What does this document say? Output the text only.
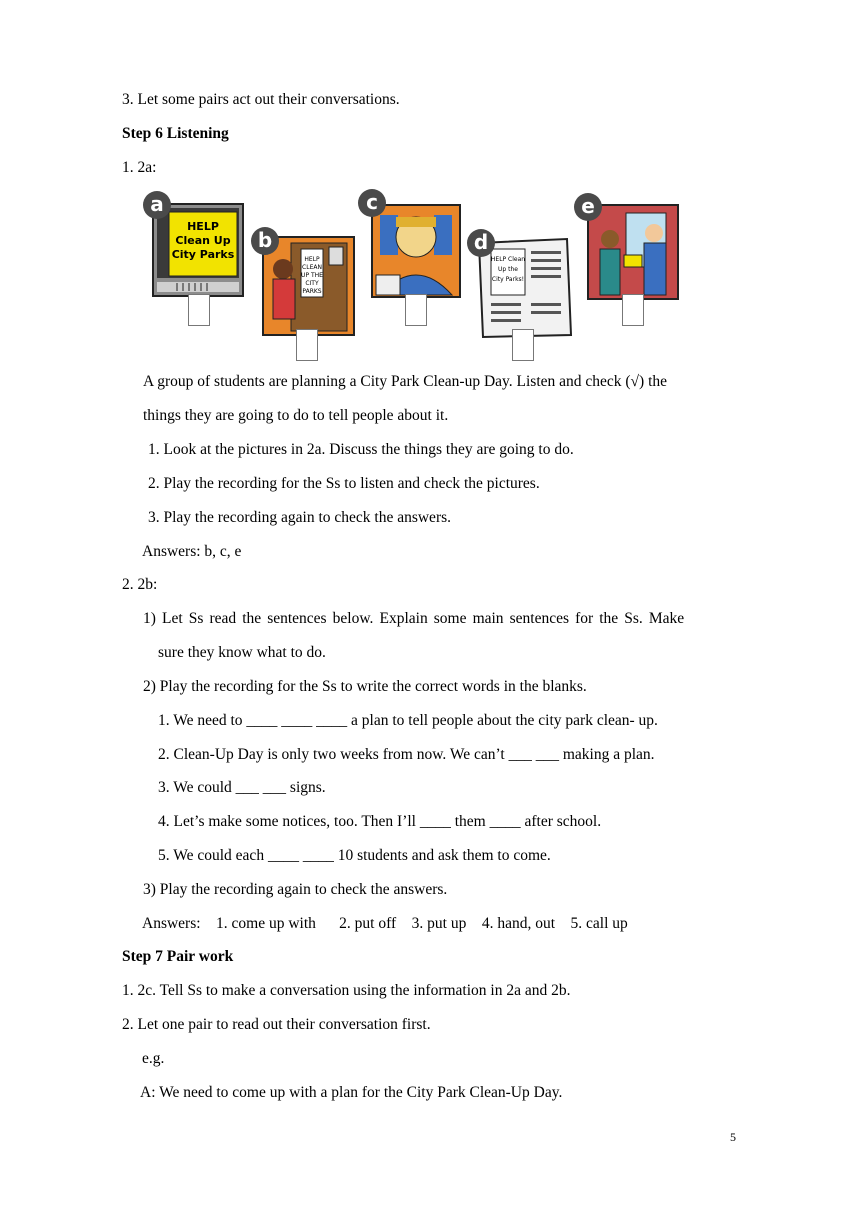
3. Let some pairs act out their conversations.
Step 6 Listening
1. 2a:
HELP
Clean Up
City Parks
a
HELP
CLEAN
UP THE
CITY
PARKS
b
c
HELP Clean
Up the
City Parks!
d
e
A group of students are planning a City Park Clean-up Day. Listen and check (√) the
things they are going to do to tell people about it.
1. Look at the pictures in 2a. Discuss the things they are going to do.
2. Play the recording for the Ss to listen and check the pictures.
3. Play the recording again to check the answers.
Answers: b, c, e
2. 2b:
1) Let Ss read the sentences below. Explain some main sentences for the Ss. Make
sure they know what to do.
2) Play the recording for the Ss to write the correct words in the blanks.
1. We need to ____ ____ ____ a plan to tell people about the city park clean- up.
2. Clean-Up Day is only two weeks from now. We can’t ___ ___ making a plan.
3. We could ___ ___ signs.
4. Let’s make some notices, too. Then I’ll ____ them ____ after school.
5. We could each ____ ____ 10 students and ask them to come.
3) Play the recording again to check the answers.
Answers:    1. come up with      2. put off    3. put up    4. hand, out    5. call up
Step 7 Pair work
1. 2c. Tell Ss to make a conversation using the information in 2a and 2b.
2. Let one pair to read out their conversation first.
e.g.
A: We need to come up with a plan for the City Park Clean-Up Day.
5
